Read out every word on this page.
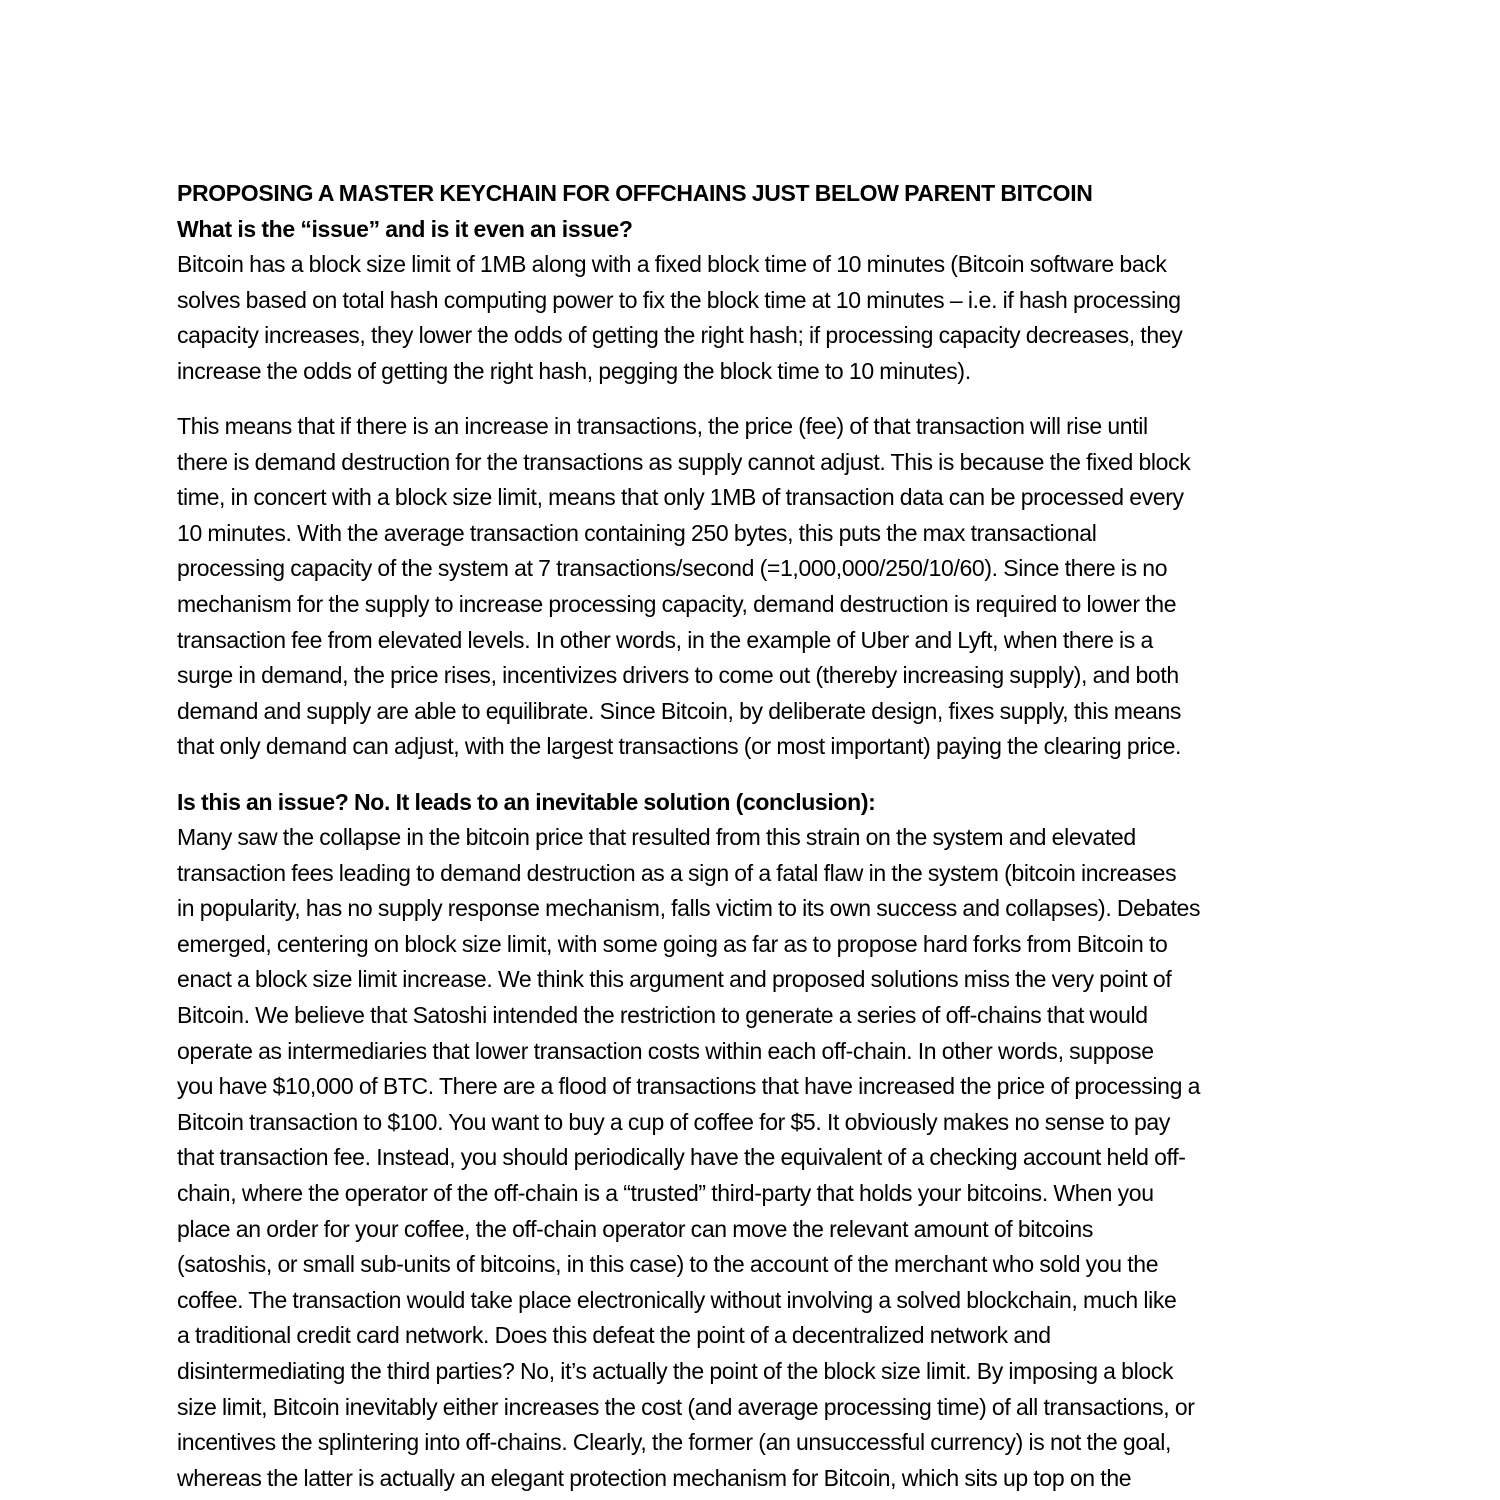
PROPOSING A MASTER KEYCHAIN FOR OFFCHAINS JUST BELOW PARENT BITCOIN
What is the “issue” and is it even an issue?
Bitcoin has a block size limit of 1MB along with a fixed block time of 10 minutes (Bitcoin software back
solves based on total hash computing power to fix the block time at 10 minutes – i.e. if hash processing
capacity increases, they lower the odds of getting the right hash; if processing capacity decreases, they
increase the odds of getting the right hash, pegging the block time to 10 minutes).
This means that if there is an increase in transactions, the price (fee) of that transaction will rise until
there is demand destruction for the transactions as supply cannot adjust. This is because the fixed block
time, in concert with a block size limit, means that only 1MB of transaction data can be processed every
10 minutes. With the average transaction containing 250 bytes, this puts the max transactional
processing capacity of the system at 7 transactions/second (=1,000,000/250/10/60). Since there is no
mechanism for the supply to increase processing capacity, demand destruction is required to lower the
transaction fee from elevated levels. In other words, in the example of Uber and Lyft, when there is a
surge in demand, the price rises, incentivizes drivers to come out (thereby increasing supply), and both
demand and supply are able to equilibrate. Since Bitcoin, by deliberate design, fixes supply, this means
that only demand can adjust, with the largest transactions (or most important) paying the clearing price.
Is this an issue? No. It leads to an inevitable solution (conclusion):
Many saw the collapse in the bitcoin price that resulted from this strain on the system and elevated
transaction fees leading to demand destruction as a sign of a fatal flaw in the system (bitcoin increases
in popularity, has no supply response mechanism, falls victim to its own success and collapses). Debates
emerged, centering on block size limit, with some going as far as to propose hard forks from Bitcoin to
enact a block size limit increase. We think this argument and proposed solutions miss the very point of
Bitcoin. We believe that Satoshi intended the restriction to generate a series of off-chains that would
operate as intermediaries that lower transaction costs within each off-chain. In other words, suppose
you have $10,000 of BTC. There are a flood of transactions that have increased the price of processing a
Bitcoin transaction to $100. You want to buy a cup of coffee for $5. It obviously makes no sense to pay
that transaction fee. Instead, you should periodically have the equivalent of a checking account held off-
chain, where the operator of the off-chain is a “trusted” third-party that holds your bitcoins. When you
place an order for your coffee, the off-chain operator can move the relevant amount of bitcoins
(satoshis, or small sub-units of bitcoins, in this case) to the account of the merchant who sold you the
coffee. The transaction would take place electronically without involving a solved blockchain, much like
a traditional credit card network. Does this defeat the point of a decentralized network and
disintermediating the third parties? No, it’s actually the point of the block size limit. By imposing a block
size limit, Bitcoin inevitably either increases the cost (and average processing time) of all transactions, or
incentives the splintering into off-chains. Clearly, the former (an unsuccessful currency) is not the goal,
whereas the latter is actually an elegant protection mechanism for Bitcoin, which sits up top on the
